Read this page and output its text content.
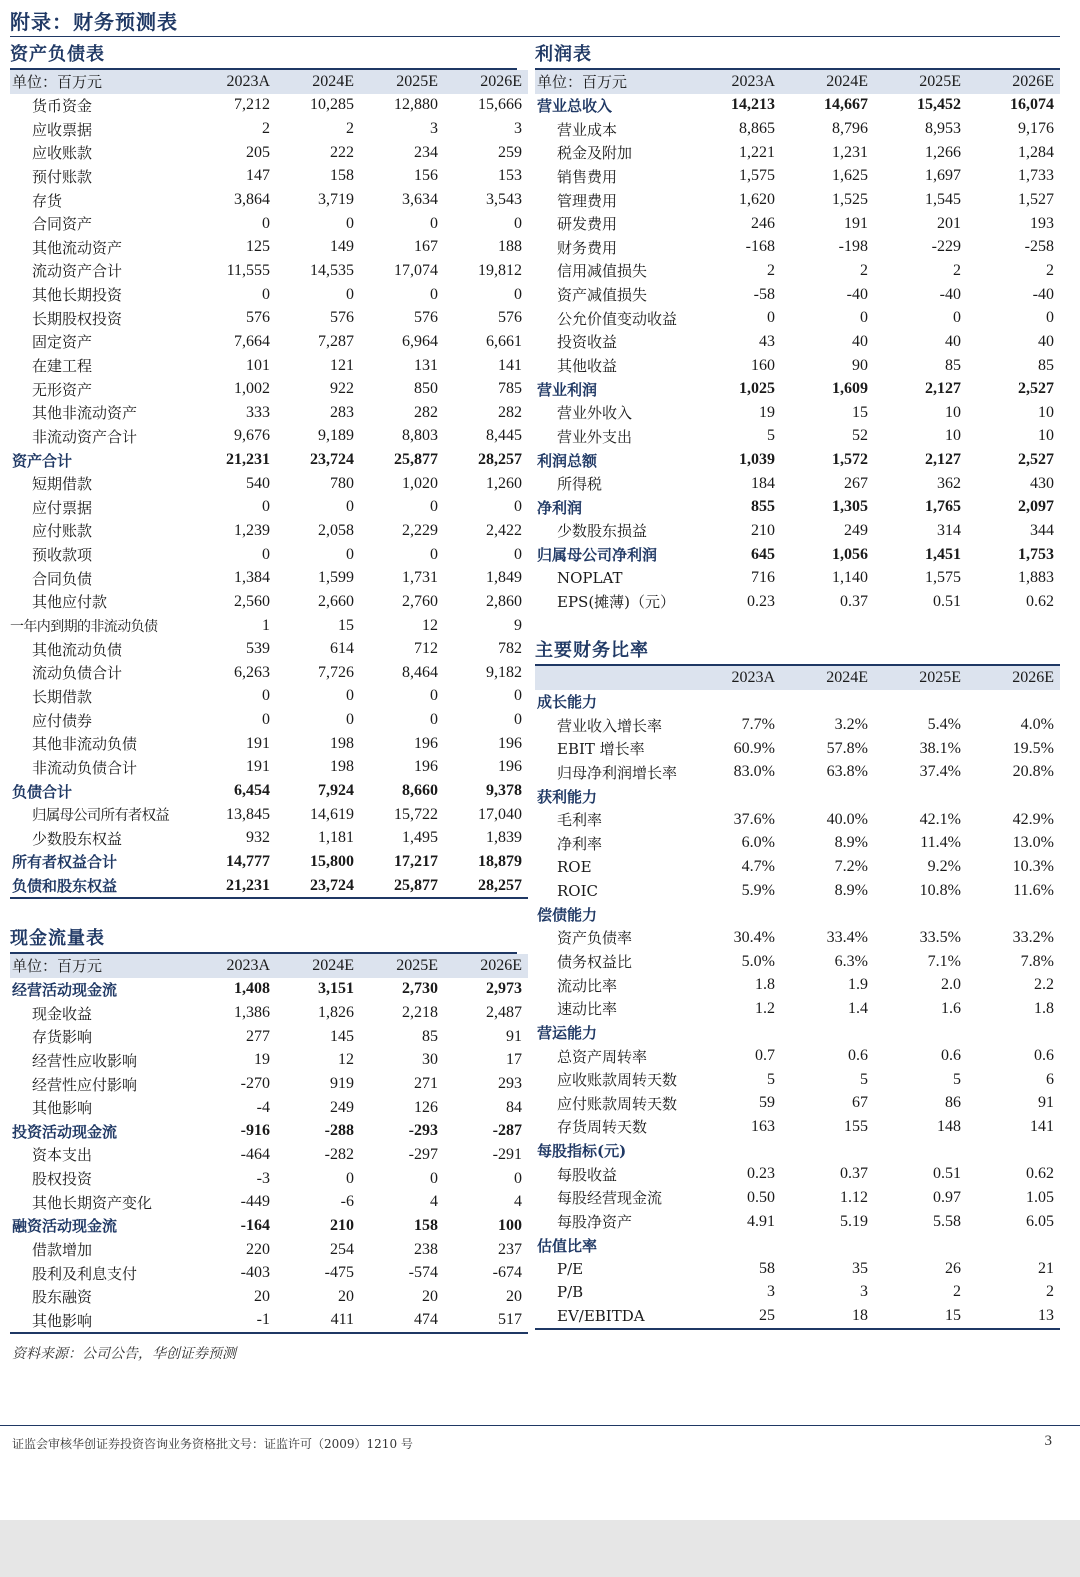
附录：财务预测表
资产负债表
单位：百万元	2023A	2024E	2025E	2026E
货币资金	7,212	10,285	12,880	15,666
应收票据	2	2	3	3
应收账款	205	222	234	259
预付账款	147	158	156	153
存货	3,864	3,719	3,634	3,543
合同资产	0	0	0	0
其他流动资产	125	149	167	188
流动资产合计	11,555	14,535	17,074	19,812
其他长期投资	0	0	0	0
长期股权投资	576	576	576	576
固定资产	7,664	7,287	6,964	6,661
在建工程	101	121	131	141
无形资产	1,002	922	850	785
其他非流动资产	333	283	282	282
非流动资产合计	9,676	9,189	8,803	8,445
资产合计	21,231	23,724	25,877	28,257
短期借款	540	780	1,020	1,260
应付票据	0	0	0	0
应付账款	1,239	2,058	2,229	2,422
预收款项	0	0	0	0
合同负债	1,384	1,599	1,731	1,849
其他应付款	2,560	2,660	2,760	2,860
一年内到期的非流动负债	1	15	12	9
其他流动负债	539	614	712	782
流动负债合计	6,263	7,726	8,464	9,182
长期借款	0	0	0	0
应付债券	0	0	0	0
其他非流动负债	191	198	196	196
非流动负债合计	191	198	196	196
负债合计	6,454	7,924	8,660	9,378
归属母公司所有者权益	13,845	14,619	15,722	17,040
少数股东权益	932	1,181	1,495	1,839
所有者权益合计	14,777	15,800	17,217	18,879
负债和股东权益	21,231	23,724	25,877	28,257
现金流量表
单位：百万元	2023A	2024E	2025E	2026E
经营活动现金流	1,408	3,151	2,730	2,973
现金收益	1,386	1,826	2,218	2,487
存货影响	277	145	85	91
经营性应收影响	19	12	30	17
经营性应付影响	-270	919	271	293
其他影响	-4	249	126	84
投资活动现金流	-916	-288	-293	-287
资本支出	-464	-282	-297	-291
股权投资	-3	0	0	0
其他长期资产变化	-449	-6	4	4
融资活动现金流	-164	210	158	100
借款增加	220	254	238	237
股利及利息支付	-403	-475	-574	-674
股东融资	20	20	20	20
其他影响	-1	411	474	517
利润表
单位：百万元	2023A	2024E	2025E	2026E
营业总收入	14,213	14,667	15,452	16,074
营业成本	8,865	8,796	8,953	9,176
税金及附加	1,221	1,231	1,266	1,284
销售费用	1,575	1,625	1,697	1,733
管理费用	1,620	1,525	1,545	1,527
研发费用	246	191	201	193
财务费用	-168	-198	-229	-258
信用减值损失	2	2	2	2
资产减值损失	-58	-40	-40	-40
公允价值变动收益	0	0	0	0
投资收益	43	40	40	40
其他收益	160	90	85	85
营业利润	1,025	1,609	2,127	2,527
营业外收入	19	15	10	10
营业外支出	5	52	10	10
利润总额	1,039	1,572	2,127	2,527
所得税	184	267	362	430
净利润	855	1,305	1,765	2,097
少数股东损益	210	249	314	344
归属母公司净利润	645	1,056	1,451	1,753
NOPLAT	716	1,140	1,575	1,883
EPS(摊薄)（元）	0.23	0.37	0.51	0.62
主要财务比率
	2023A	2024E	2025E	2026E
成长能力				
营业收入增长率	7.7%	3.2%	5.4%	4.0%
EBIT 增长率	60.9%	57.8%	38.1%	19.5%
归母净利润增长率	83.0%	63.8%	37.4%	20.8%
获利能力				
毛利率	37.6%	40.0%	42.1%	42.9%
净利率	6.0%	8.9%	11.4%	13.0%
ROE	4.7%	7.2%	9.2%	10.3%
ROIC	5.9%	8.9%	10.8%	11.6%
偿债能力				
资产负债率	30.4%	33.4%	33.5%	33.2%
债务权益比	5.0%	6.3%	7.1%	7.8%
流动比率	1.8	1.9	2.0	2.2
速动比率	1.2	1.4	1.6	1.8
营运能力				
总资产周转率	0.7	0.6	0.6	0.6
应收账款周转天数	5	5	5	6
应付账款周转天数	59	67	86	91
存货周转天数	163	155	148	141
每股指标(元)				
每股收益	0.23	0.37	0.51	0.62
每股经营现金流	0.50	1.12	0.97	1.05
每股净资产	4.91	5.19	5.58	6.05
估值比率				
P/E	58	35	26	21
P/B	3	3	2	2
EV/EBITDA	25	18	15	13
资料来源：公司公告，华创证券预测
证监会审核华创证券投资咨询业务资格批文号：证监许可（2009）1210 号	3
